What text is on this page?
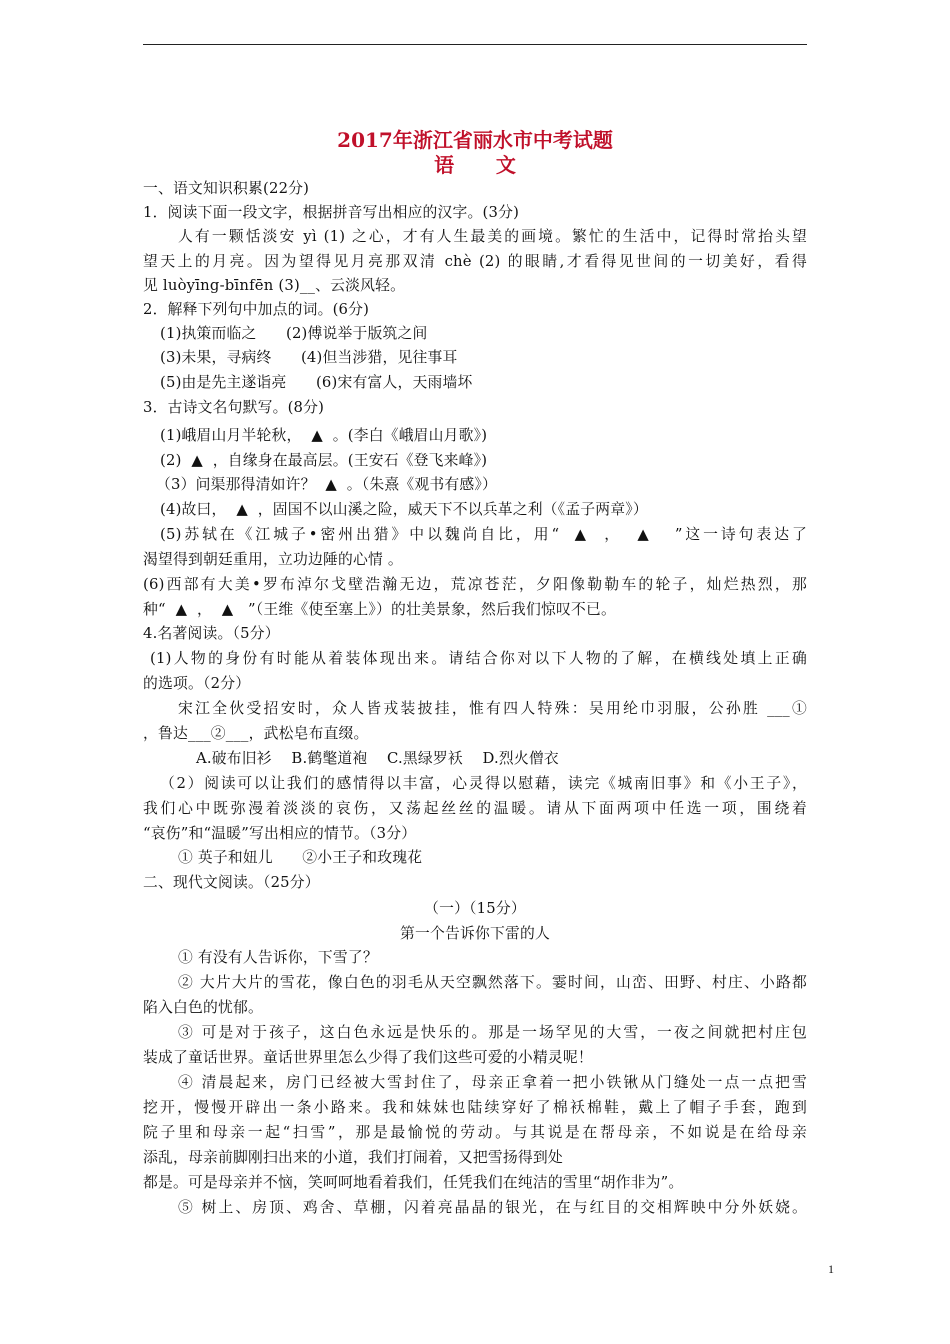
2017年浙江省丽水市中考试题
语      文
一、语文知识积累(22分)
1．阅读下面一段文字，根据拼音写出相应的汉字。(3分)
人有一颗恬淡安 yì (1) 之心，才有人生最美的画境。繁忙的生活中，记得时常抬头望
望天上的月亮。因为望得见月亮那双清 chè (2) 的眼睛,才看得见世间的一切美好，看得
见 luòyīng-bīnfēn (3)__、云淡风轻。
2．解释下列句中加点的词。(6分)
(1)执策而临之      (2)傅说举于版筑之间
(3)未果，寻病终      (4)但当涉猎，见往事耳
(5)由是先主遂诣亮      (6)宋有富人，天雨墙坏
3．古诗文名句默写。(8分)
(1)峨眉山月半轮秋，  ▲  。(李白《峨眉山月歌》)
(2)  ▲  ，自缘身在最高层。(王安石《登飞来峰》)
（3）问渠那得清如许？  ▲  。（朱熹《观书有感》）
(4)故曰，  ▲  ，固国不以山溪之险，威天下不以兵革之利（《孟子两章》）
(5)苏轼在《江城子•密州出猎》中以魏尚自比，用“  ▲  ，  ▲   ”这一诗句表达了
渴望得到朝廷重用，立功边陲的心情 。
(6)西部有大美•罗布淖尔戈壁浩瀚无边，荒凉苍茫，夕阳像勒勒车的轮子，灿烂热烈，那
种“  ▲  ，  ▲   ”（王维《使至塞上》）的壮美景象，然后我们惊叹不已。
4.名著阅读。（5分）
(1)人物的身份有时能从着装体现出来。请结合你对以下人物的了解，在横线处填上正确
的选项。（2分）
宋江全伙受招安时，众人皆戎装披挂，惟有四人特殊：吴用纶巾羽服，公孙胜 ___①
，鲁达___②___，武松皂布直缀。
A.破布旧衫    B.鹤氅道袍    C.黑绿罗袄    D.烈火僧衣
（2）阅读可以让我们的感情得以丰富，心灵得以慰藉，读完《城南旧事》和《小王子》，
我们心中既弥漫着淡淡的哀伤，又荡起丝丝的温暖。请从下面两项中任选一项，围绕着
“哀伤”和“温暖”写出相应的情节。（3分）
① 英子和妞儿      ②小王子和玫瑰花
二、现代文阅读。（25分）
（一）（15分）
第一个告诉你下雷的人
① 有没有人告诉你，下雪了？
② 大片大片的雪花，像白色的羽毛从天空飘然落下。霎时间，山峦、田野、村庄、小路都
陷入白色的忧郁。
③ 可是对于孩子，这白色永远是快乐的。那是一场罕见的大雪，一夜之间就把村庄包
装成了童话世界。童话世界里怎么少得了我们这些可爱的小精灵呢！
④ 清晨起来，房门已经被大雪封住了，母亲正拿着一把小铁锹从门缝处一点一点把雪
挖开，慢慢开辟出一条小路来。我和妹妹也陆续穿好了棉袄棉鞋，戴上了帽子手套，跑到
院子里和母亲一起“扫雪”，那是最愉悦的劳动。与其说是在帮母亲，不如说是在给母亲
添乱，母亲前脚刚扫出来的小道，我们打闹着，又把雪扬得到处
都是。可是母亲并不恼，笑呵呵地看着我们，任凭我们在纯洁的雪里“胡作非为”。
⑤ 树上、房顶、鸡舍、草棚，闪着亮晶晶的银光，在与红目的交相辉映中分外妖娆。
1
